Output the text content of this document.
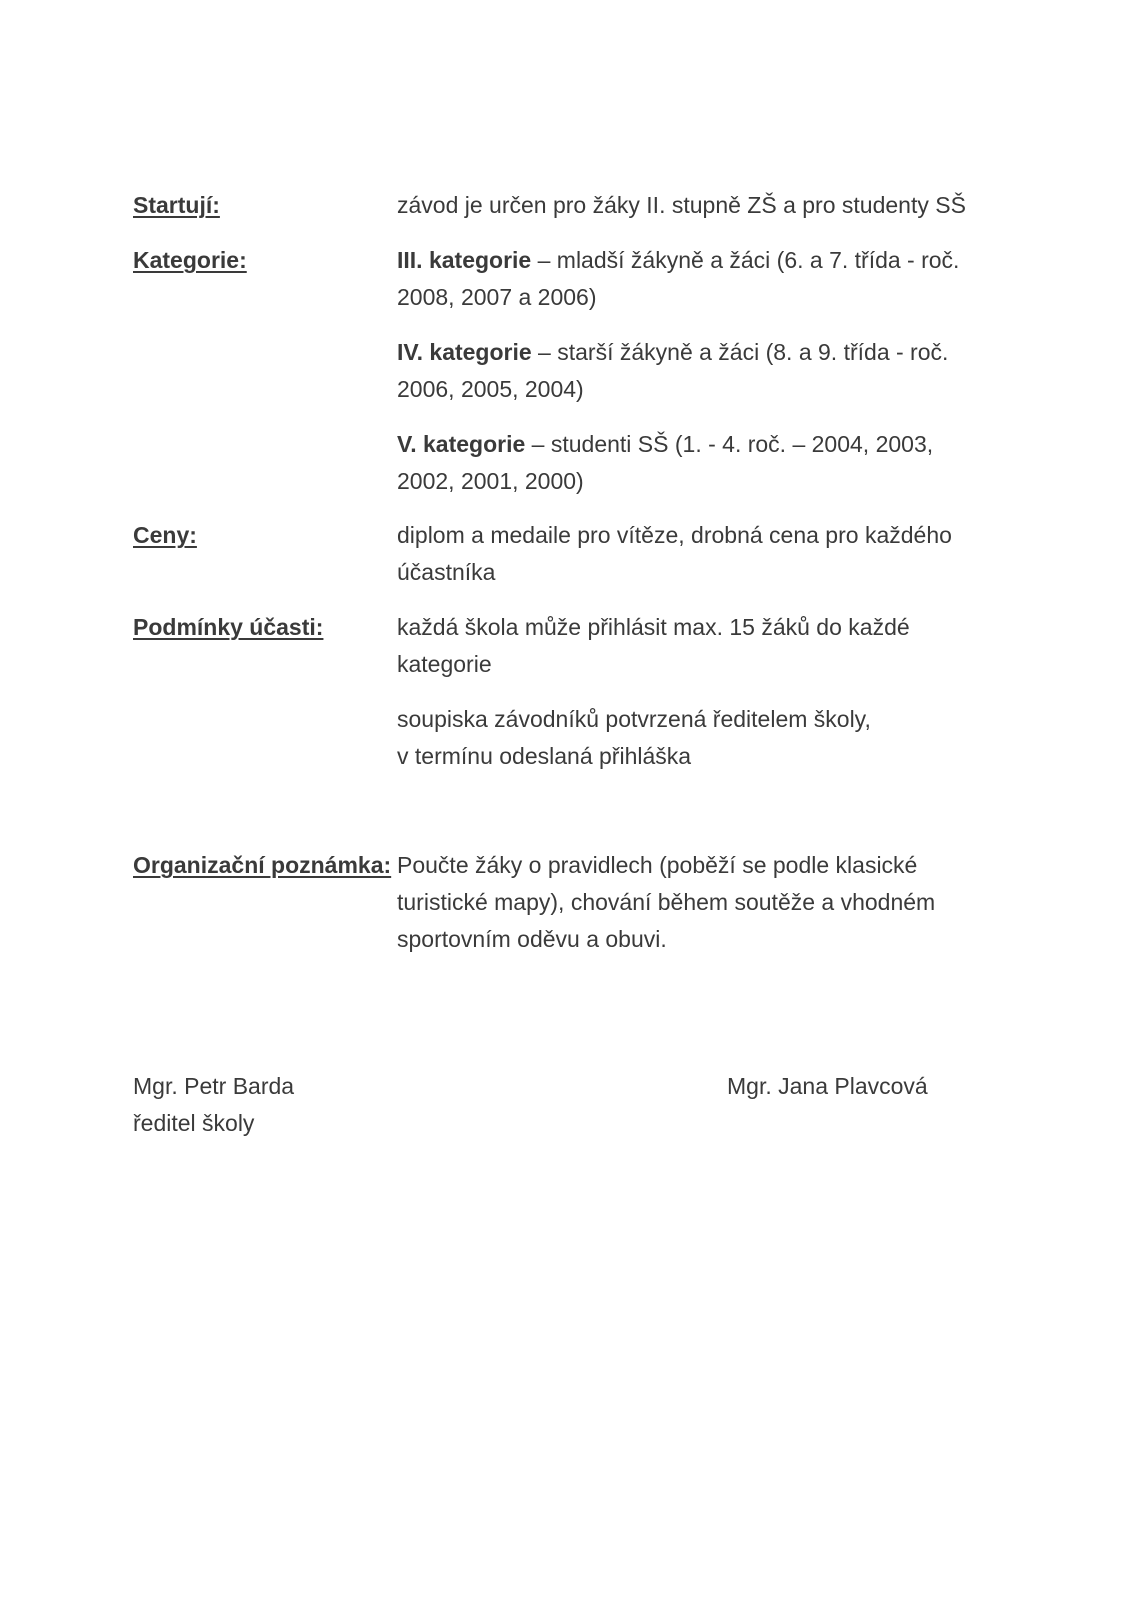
Startují:	závod je určen pro žáky II. stupně ZŠ a pro studenty SŠ
Kategorie:	III. kategorie – mladší žákyně a žáci (6. a 7. třída - roč.
2008, 2007 a 2006)
IV. kategorie – starší žákyně a žáci (8. a 9. třída - roč.
2006, 2005, 2004)
V. kategorie – studenti SŠ (1. - 4. roč. – 2004, 2003,
2002, 2001, 2000)
Ceny:	diplom a medaile pro vítěze, drobná cena pro každého
účastníka
Podmínky účasti:	každá škola může přihlásit max. 15 žáků do každé
kategorie
soupiska závodníků potvrzená ředitelem školy,
v termínu odeslaná přihláška
Organizační poznámka: Poučte žáky o pravidlech (poběží se podle klasické
turistické mapy), chování během soutěže a vhodném
sportovním oděvu a obuvi.
Mgr. Petr Barda
ředitel školy
Mgr. Jana Plavcová
